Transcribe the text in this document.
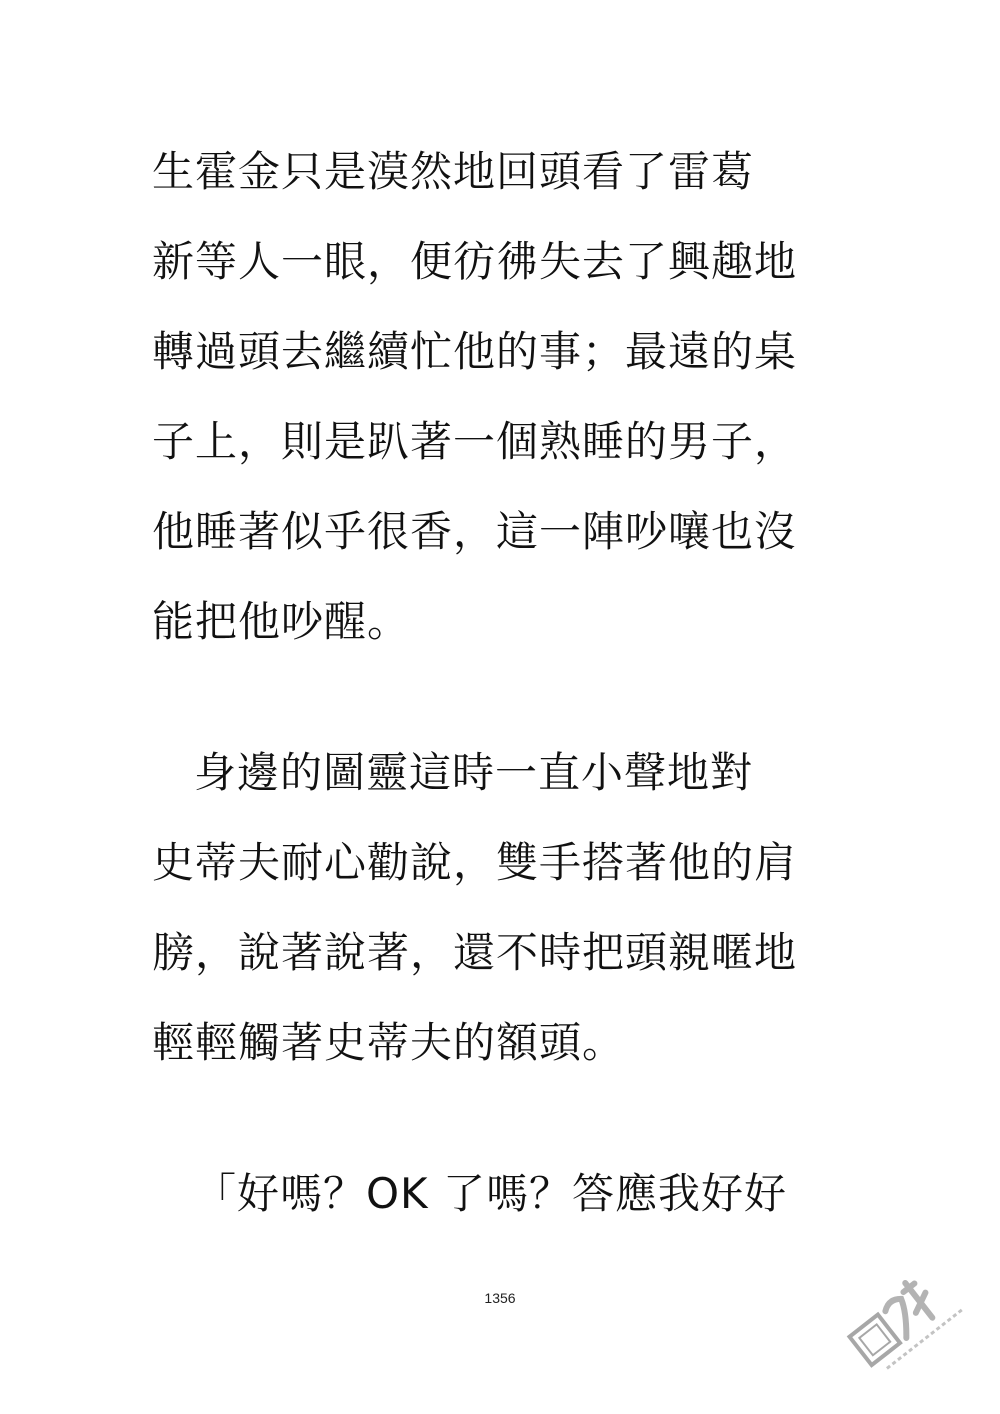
生霍金只是漠然地回頭看了雷葛
新等人一眼，便彷彿失去了興趣地
轉過頭去繼續忙他的事；最遠的桌
子上，則是趴著一個熟睡的男子，
他睡著似乎很香，這一陣吵嚷也沒
能把他吵醒。
身邊的圖靈這時一直小聲地對
史蒂夫耐心勸說，雙手搭著他的肩
膀，說著說著，還不時把頭親暱地
輕輕觸著史蒂夫的額頭。
「好嗎？OK 了嗎？答應我好好
1356
